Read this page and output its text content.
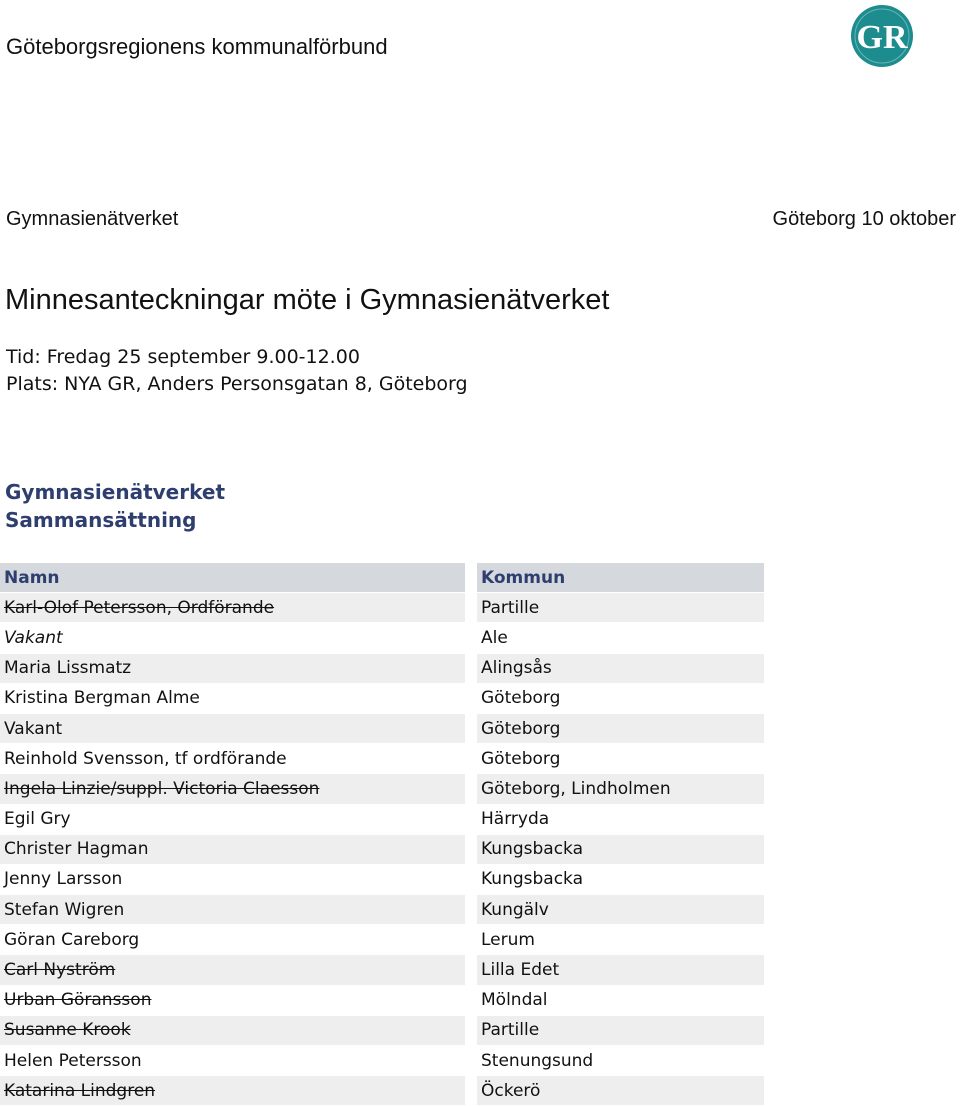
Göteborgsregionens kommunalförbund	GR
Gymnasienätverket	Göteborg 10 oktober
Minnesanteckningar möte i Gymnasienätverket
Tid: Fredag 25 september 9.00-12.00
Plats: NYA GR, Anders Personsgatan 8, Göteborg
Gymnasienätverket
Sammansättning
Namn	Kommun
Karl-Olof Petersson, Ordförande	Partille
Vakant	Ale
Maria Lissmatz	Alingsås
Kristina Bergman Alme	Göteborg
Vakant	Göteborg
Reinhold Svensson, tf ordförande	Göteborg
Ingela Linzie/suppl. Victoria Claesson	Göteborg, Lindholmen
Egil Gry	Härryda
Christer Hagman	Kungsbacka
Jenny Larsson	Kungsbacka
Stefan Wigren	Kungälv
Göran Careborg	Lerum
Carl Nyström	Lilla Edet
Urban Göransson	Mölndal
Susanne Krook	Partille
Helen Petersson	Stenungsund
Katarina Lindgren	Öckerö
